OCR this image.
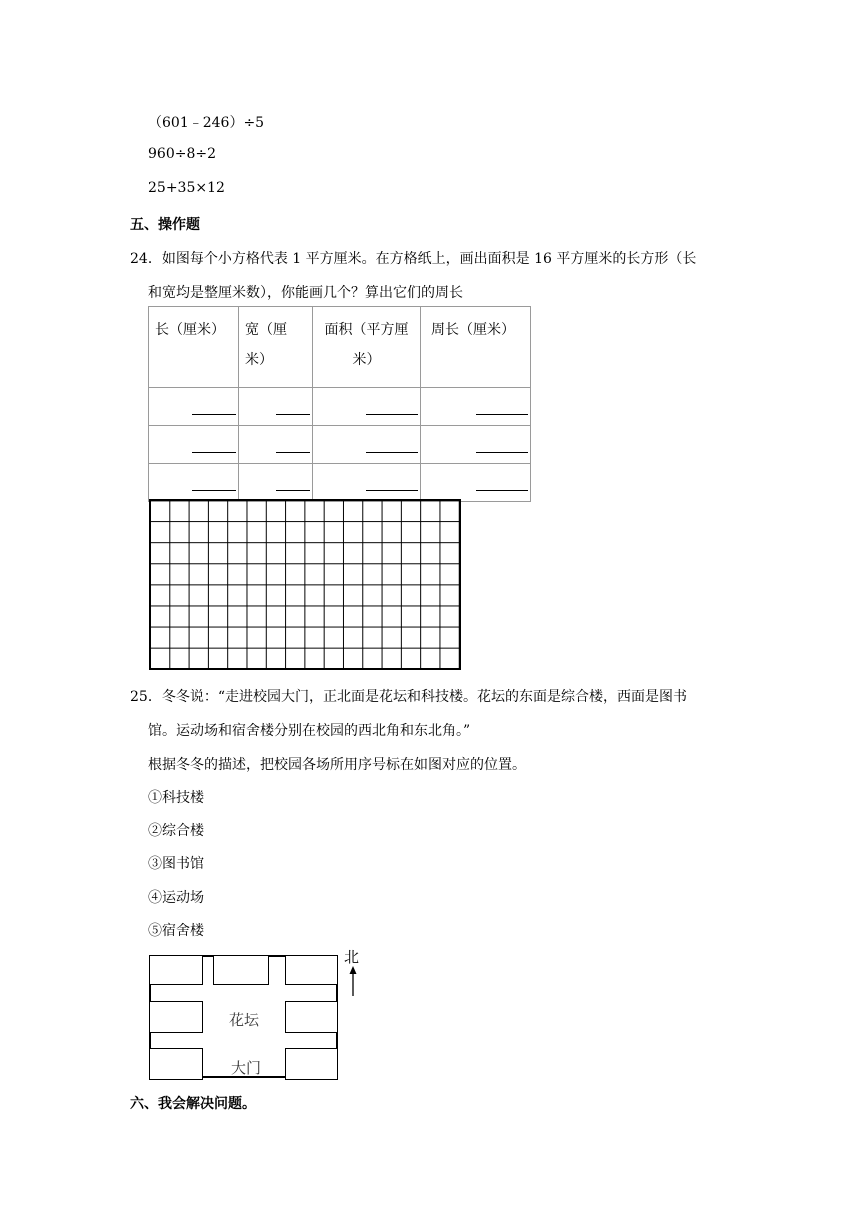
（601﹣246）÷5
960÷8÷2
25+35×12
五、操作题
24．如图每个小方格代表 1 平方厘米。在方格纸上，画出面积是 16 平方厘米的长方形（长
和宽均是整厘米数），你能画几个？算出它们的周长
长（厘米）	宽（厘米）	面积（平方厘米）	周长（厘米）

25．冬冬说：“走进校园大门，正北面是花坛和科技楼。花坛的东面是综合楼，西面是图书
馆。运动场和宿舍楼分别在校园的西北角和东北角。”
根据冬冬的描述，把校园各场所用序号标在如图对应的位置。
①科技楼
②综合楼
③图书馆
④运动场
⑤宿舍楼
花坛
大门
北
六、我会解决问题。
